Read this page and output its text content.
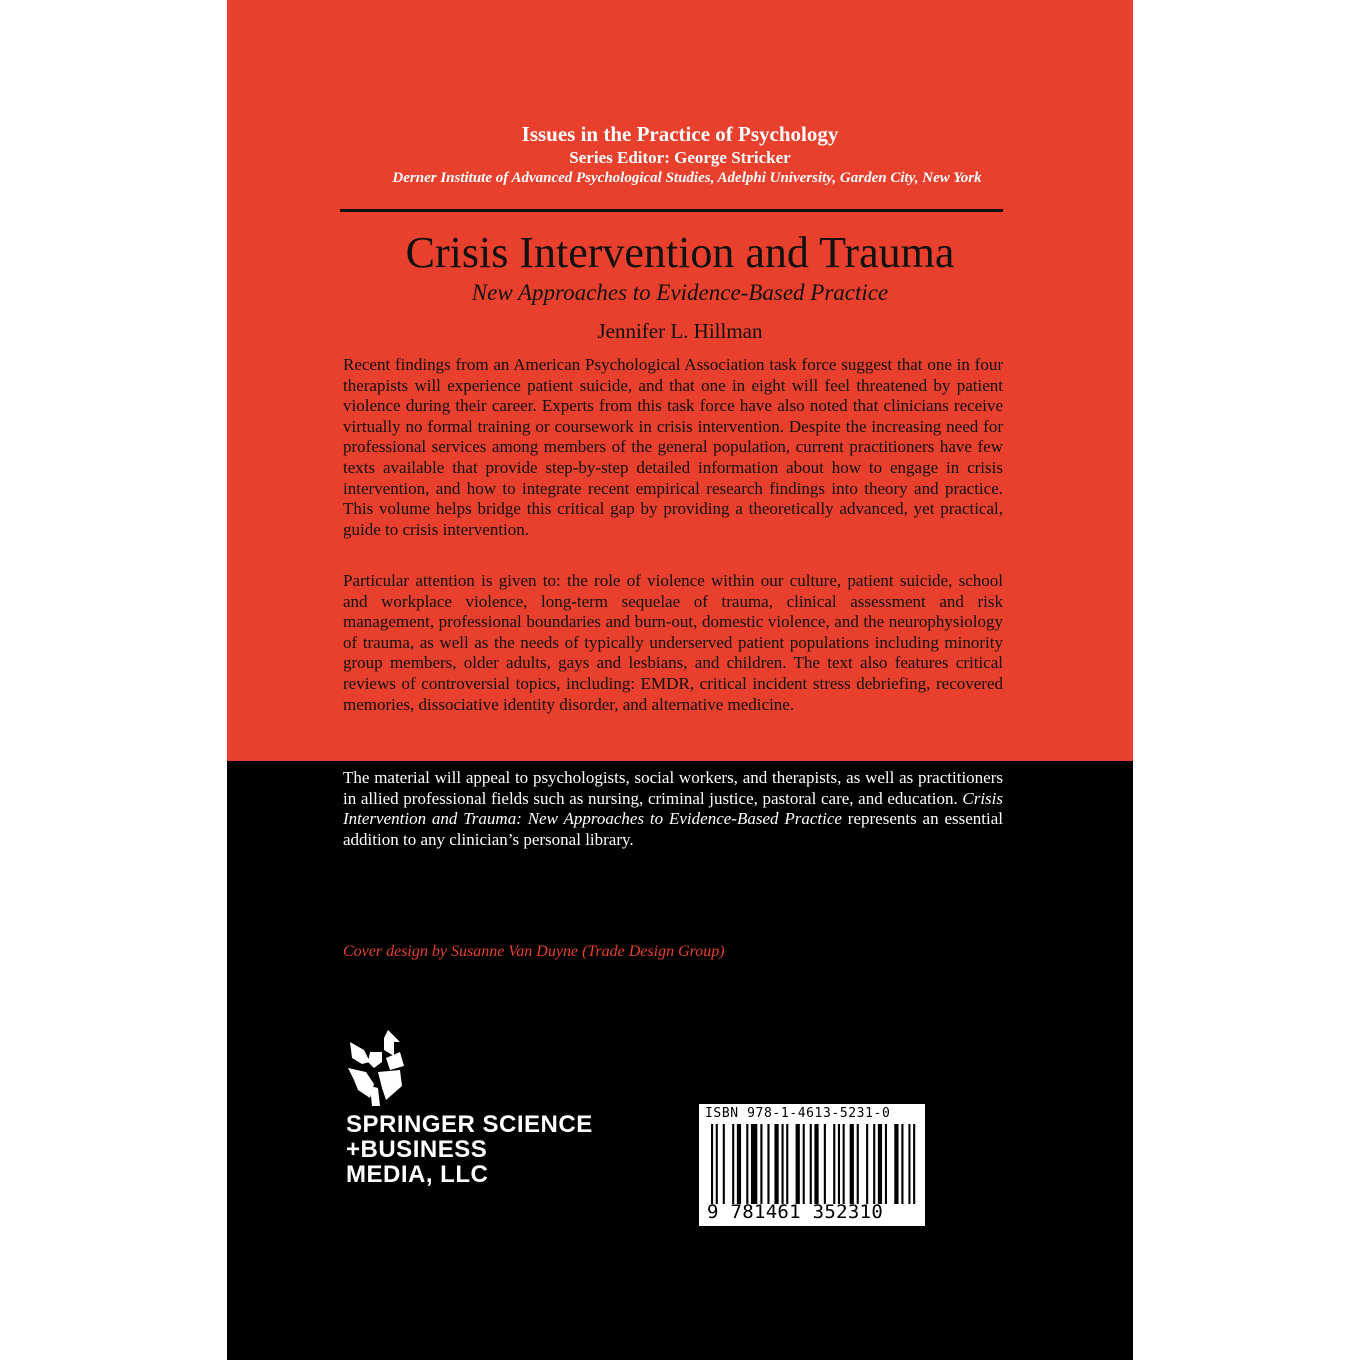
Issues in the Practice of Psychology
Series Editor: George Stricker
Derner Institute of Advanced Psychological Studies, Adelphi University, Garden City, New York
Crisis Intervention and Trauma
New Approaches to Evidence-Based Practice
Jennifer L. Hillman

Recent findings from an American Psychological Association task force suggest that one in four therapists will experience patient suicide, and that one in eight will feel threatened by patient violence during their career. Experts from this task force have also noted that clinicians receive virtually no formal training or coursework in crisis intervention. Despite the increasing need for professional services among members of the general population, current practitioners have few texts available that provide step-by-step detailed information about how to engage in crisis intervention, and how to integrate recent empirical research findings into theory and practice. This volume helps bridge this critical gap by providing a theoretically advanced, yet practical, guide to crisis intervention.

Particular attention is given to: the role of violence within our culture, patient suicide, school and workplace violence, long-term sequelae of trauma, clinical assessment and risk management, professional boundaries and burn-out, domestic violence, and the neurophysiology of trauma, as well as the needs of typically underserved patient populations including minority group members, older adults, gays and lesbians, and children. The text also features critical reviews of controversial topics, including: EMDR, critical incident stress debriefing, recovered memories, dissociative identity disorder, and alternative medicine.

The material will appeal to psychologists, social workers, and therapists, as well as practitioners in allied professional fields such as nursing, criminal justice, pastoral care, and education. Crisis Intervention and Trauma: New Approaches to Evidence-Based Practice represents an essential addition to any clinician’s personal library.

Cover design by Susanne Van Duyne (Trade Design Group)
SPRINGER SCIENCE
+BUSINESS
MEDIA, LLC
ISBN 978-1-4613-5231-0
9 781461 352310
